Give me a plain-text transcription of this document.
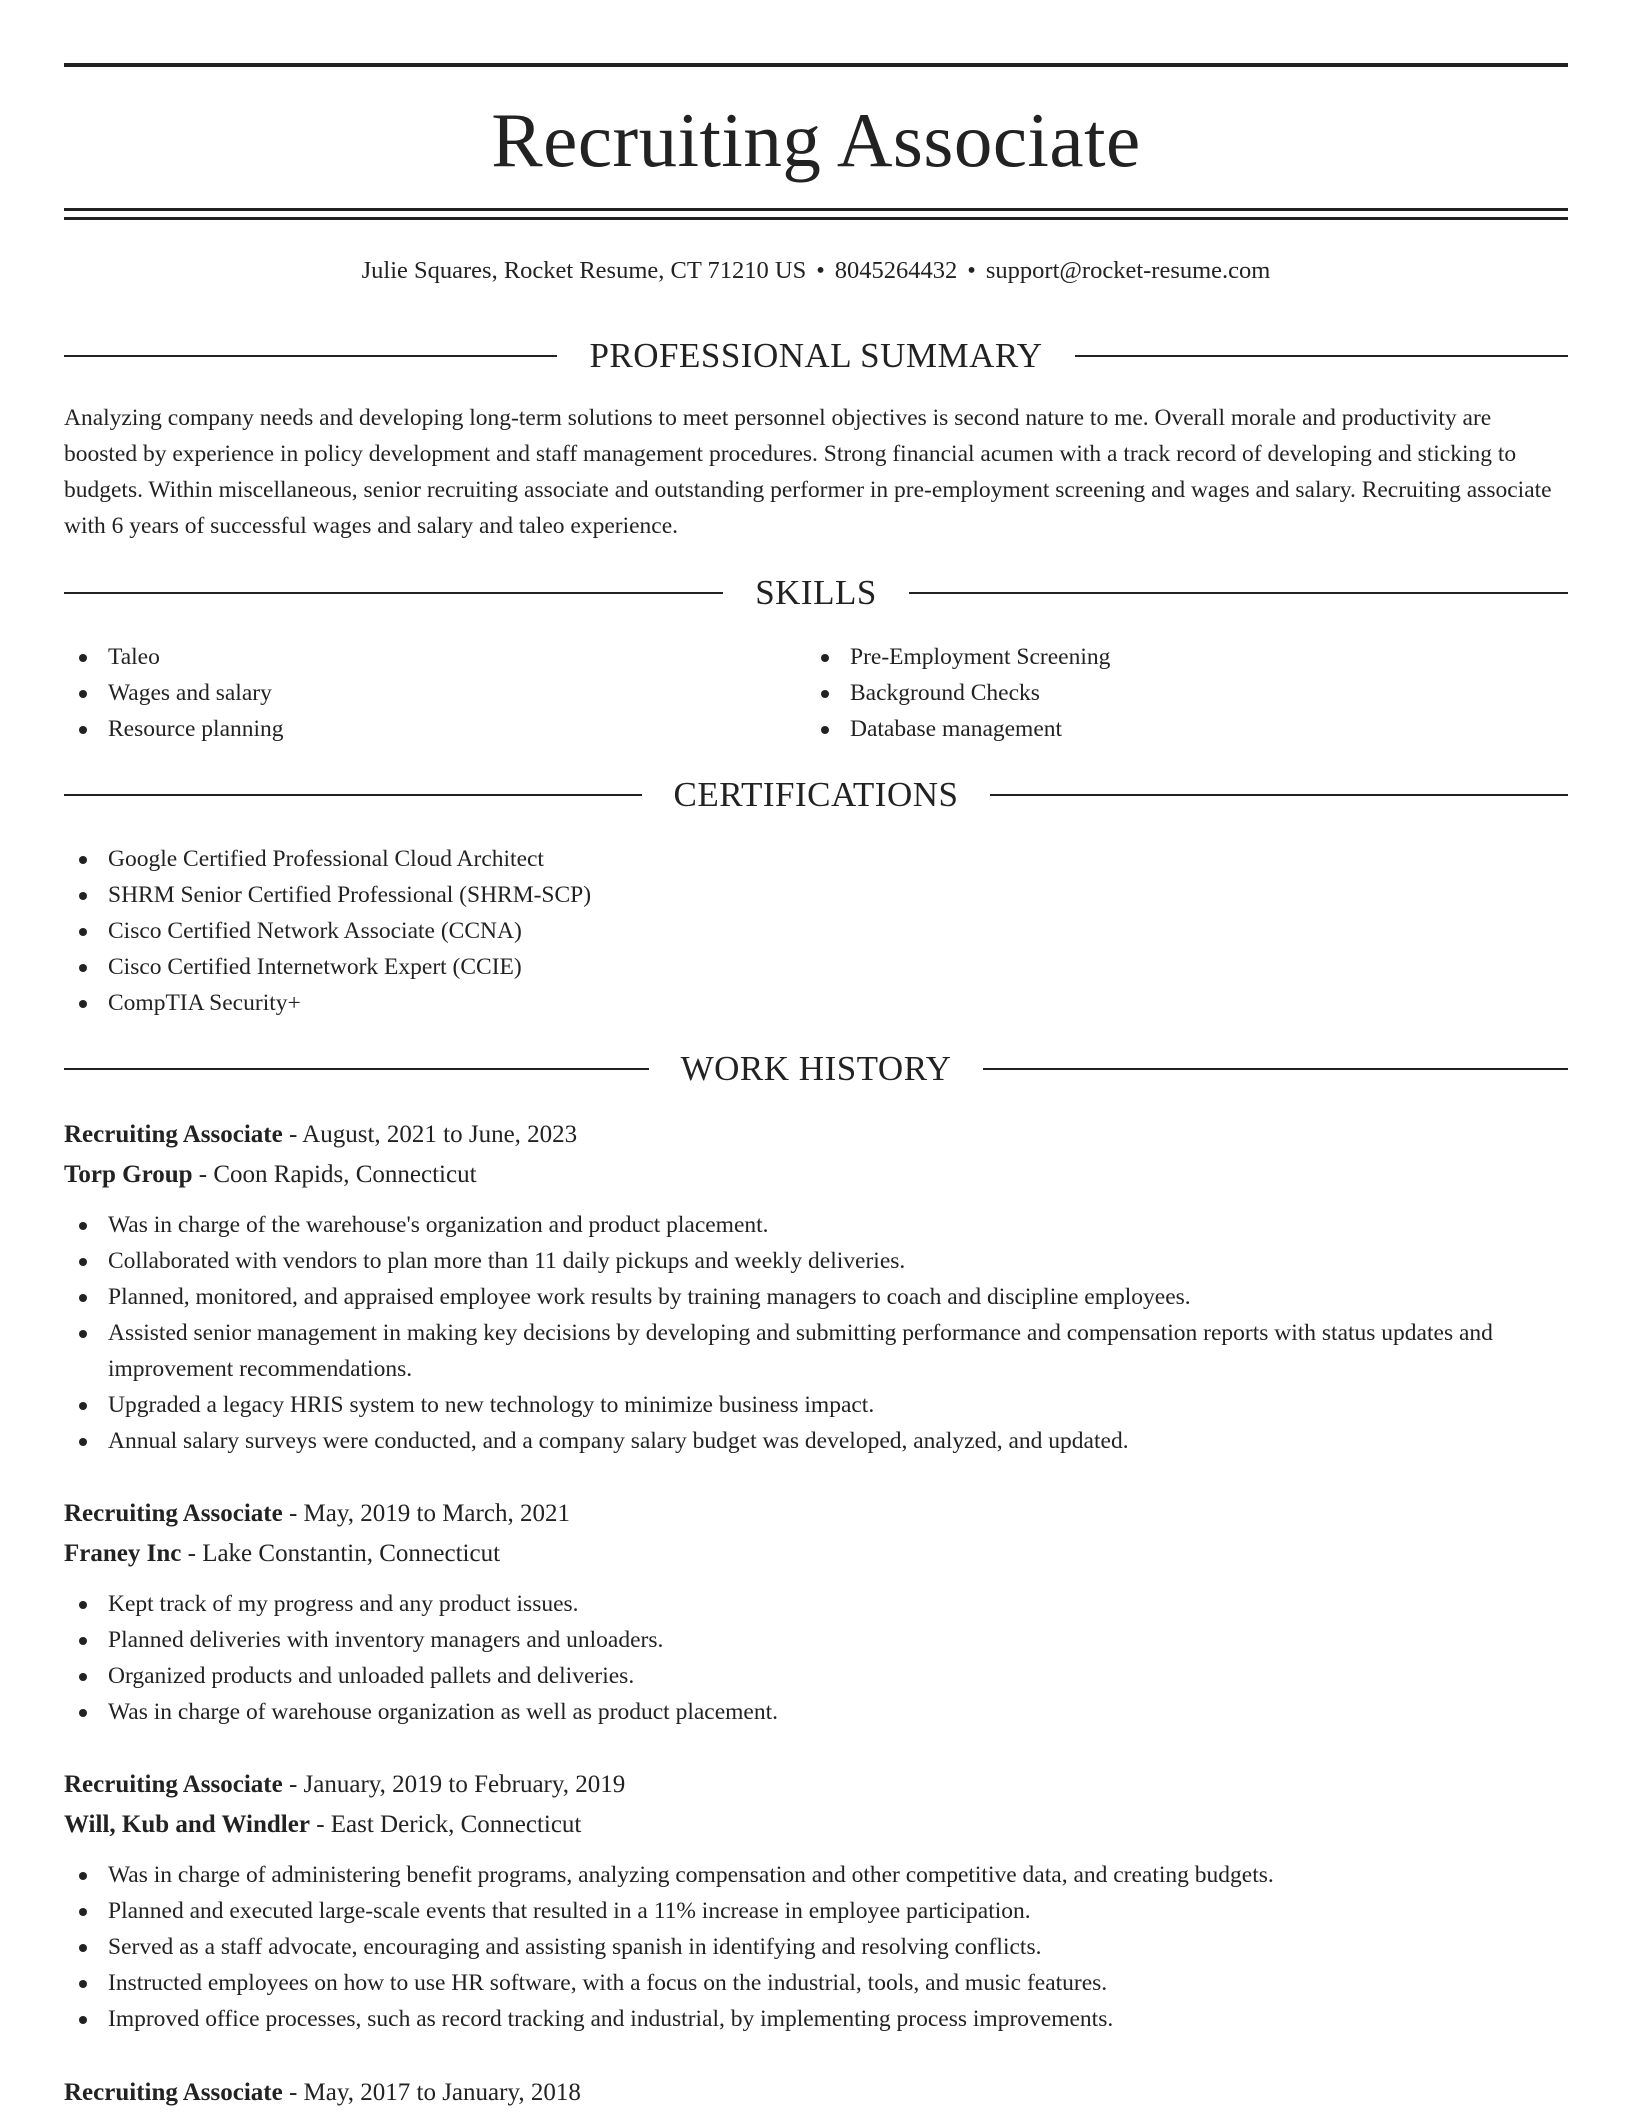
Recruiting Associate
Julie Squares, Rocket Resume, CT 71210 US • 8045264432 • support@rocket-resume.com
PROFESSIONAL SUMMARY

Analyzing company needs and developing long-term solutions to meet personnel objectives is second nature to me. Overall morale and productivity are boosted by experience in policy development and staff management procedures. Strong financial acumen with a track record of developing and sticking to budgets. Within miscellaneous, senior recruiting associate and outstanding performer in pre-employment screening and wages and salary. Recruiting associate with 6 years of successful wages and salary and taleo experience.

SKILLS
Taleo
Wages and salary
Resource planning
Pre-Employment Screening
Background Checks
Database management
CERTIFICATIONS
Google Certified Professional Cloud Architect
SHRM Senior Certified Professional (SHRM-SCP)
Cisco Certified Network Associate (CCNA)
Cisco Certified Internetwork Expert (CCIE)
CompTIA Security+
WORK HISTORY
Recruiting Associate - August, 2021 to June, 2023
Torp Group - Coon Rapids, Connecticut
Was in charge of the warehouse's organization and product placement.
Collaborated with vendors to plan more than 11 daily pickups and weekly deliveries.
Planned, monitored, and appraised employee work results by training managers to coach and discipline employees.
Assisted senior management in making key decisions by developing and submitting performance and compensation reports with status updates and improvement recommendations.
Upgraded a legacy HRIS system to new technology to minimize business impact.
Annual salary surveys were conducted, and a company salary budget was developed, analyzed, and updated.
Recruiting Associate - May, 2019 to March, 2021
Franey Inc - Lake Constantin, Connecticut
Kept track of my progress and any product issues.
Planned deliveries with inventory managers and unloaders.
Organized products and unloaded pallets and deliveries.
Was in charge of warehouse organization as well as product placement.
Recruiting Associate - January, 2019 to February, 2019
Will, Kub and Windler - East Derick, Connecticut
Was in charge of administering benefit programs, analyzing compensation and other competitive data, and creating budgets.
Planned and executed large-scale events that resulted in a 11% increase in employee participation.
Served as a staff advocate, encouraging and assisting spanish in identifying and resolving conflicts.
Instructed employees on how to use HR software, with a focus on the industrial, tools, and music features.
Improved office processes, such as record tracking and industrial, by implementing process improvements.
Recruiting Associate - May, 2017 to January, 2018
